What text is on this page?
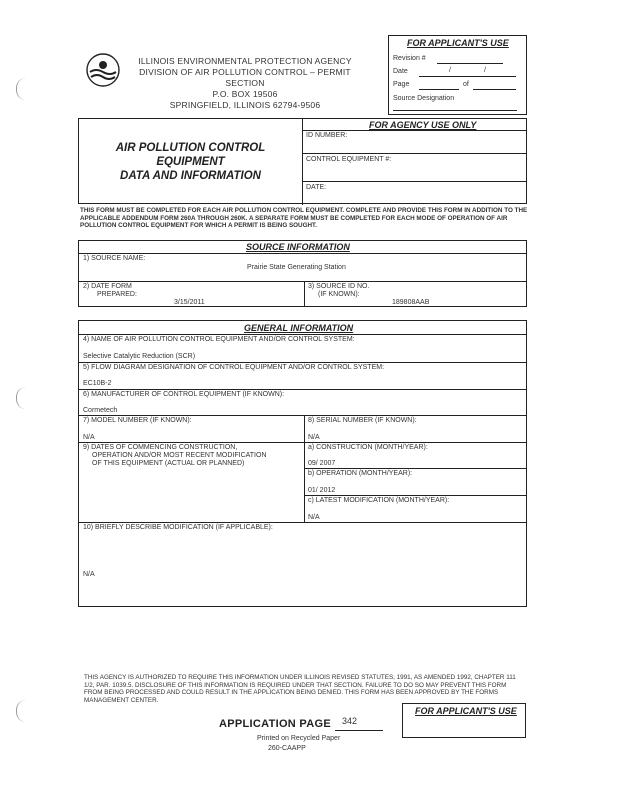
ILLINOIS ENVIRONMENTAL PROTECTION AGENCY
DIVISION OF AIR POLLUTION CONTROL – PERMIT SECTION
P.O. BOX 19506
SPRINGFIELD, ILLINOIS 62794-9506
FOR APPLICANT'S USE
Revision #
Date	/	/
Page	of
Source Designation
AIR POLLUTION CONTROL
EQUIPMENT
DATA AND INFORMATION
FOR AGENCY USE ONLY
ID NUMBER:
CONTROL EQUIPMENT #:
DATE:
THIS FORM MUST BE COMPLETED FOR EACH AIR POLLUTION CONTROL EQUIPMENT. COMPLETE AND PROVIDE THIS FORM IN ADDITION TO THE APPLICABLE ADDENDUM FORM 260A THROUGH 260K. A SEPARATE FORM MUST BE COMPLETED FOR EACH MODE OF OPERATION OF AIR POLLUTION CONTROL EQUIPMENT FOR WHICH A PERMIT IS BEING SOUGHT.
SOURCE INFORMATION
1) SOURCE NAME:
Prairie State Generating Station
2) DATE FORM
PREPARED:
3/15/2011
3) SOURCE ID NO.
(IF KNOWN):
189808AAB
GENERAL INFORMATION
4) NAME OF AIR POLLUTION CONTROL EQUIPMENT AND/OR CONTROL SYSTEM:
Selective Catalytic Reduction (SCR)
5) FLOW DIAGRAM DESIGNATION OF CONTROL EQUIPMENT AND/OR CONTROL SYSTEM:
EC10B-2
6) MANUFACTURER OF CONTROL EQUIPMENT (IF KNOWN):
Cormetech
7) MODEL NUMBER (IF KNOWN):
N/A
8) SERIAL NUMBER (IF KNOWN):
N/A
9) DATES OF COMMENCING CONSTRUCTION,
OPERATION AND/OR MOST RECENT MODIFICATION
OF THIS EQUIPMENT (ACTUAL OR PLANNED)
a) CONSTRUCTION (MONTH/YEAR):
09/ 2007
b) OPERATION (MONTH/YEAR):
01/ 2012
c) LATEST MODIFICATION (MONTH/YEAR):
N/A
10) BRIEFLY DESCRIBE MODIFICATION (IF APPLICABLE):
N/A
THIS AGENCY IS AUTHORIZED TO REQUIRE THIS INFORMATION UNDER ILLINOIS REVISED STATUTES, 1991, AS AMENDED 1992, CHAPTER 111 1/2, PAR. 1039.5. DISCLOSURE OF THIS INFORMATION IS REQUIRED UNDER THAT SECTION. FAILURE TO DO SO MAY PREVENT THIS FORM FROM BEING PROCESSED AND COULD RESULT IN THE APPLICATION BEING DENIED. THIS FORM HAS BEEN APPROVED BY THE FORMS MANAGEMENT CENTER.
FOR APPLICANT'S USE
APPLICATION PAGE 342
Printed on Recycled Paper
260-CAAPP
